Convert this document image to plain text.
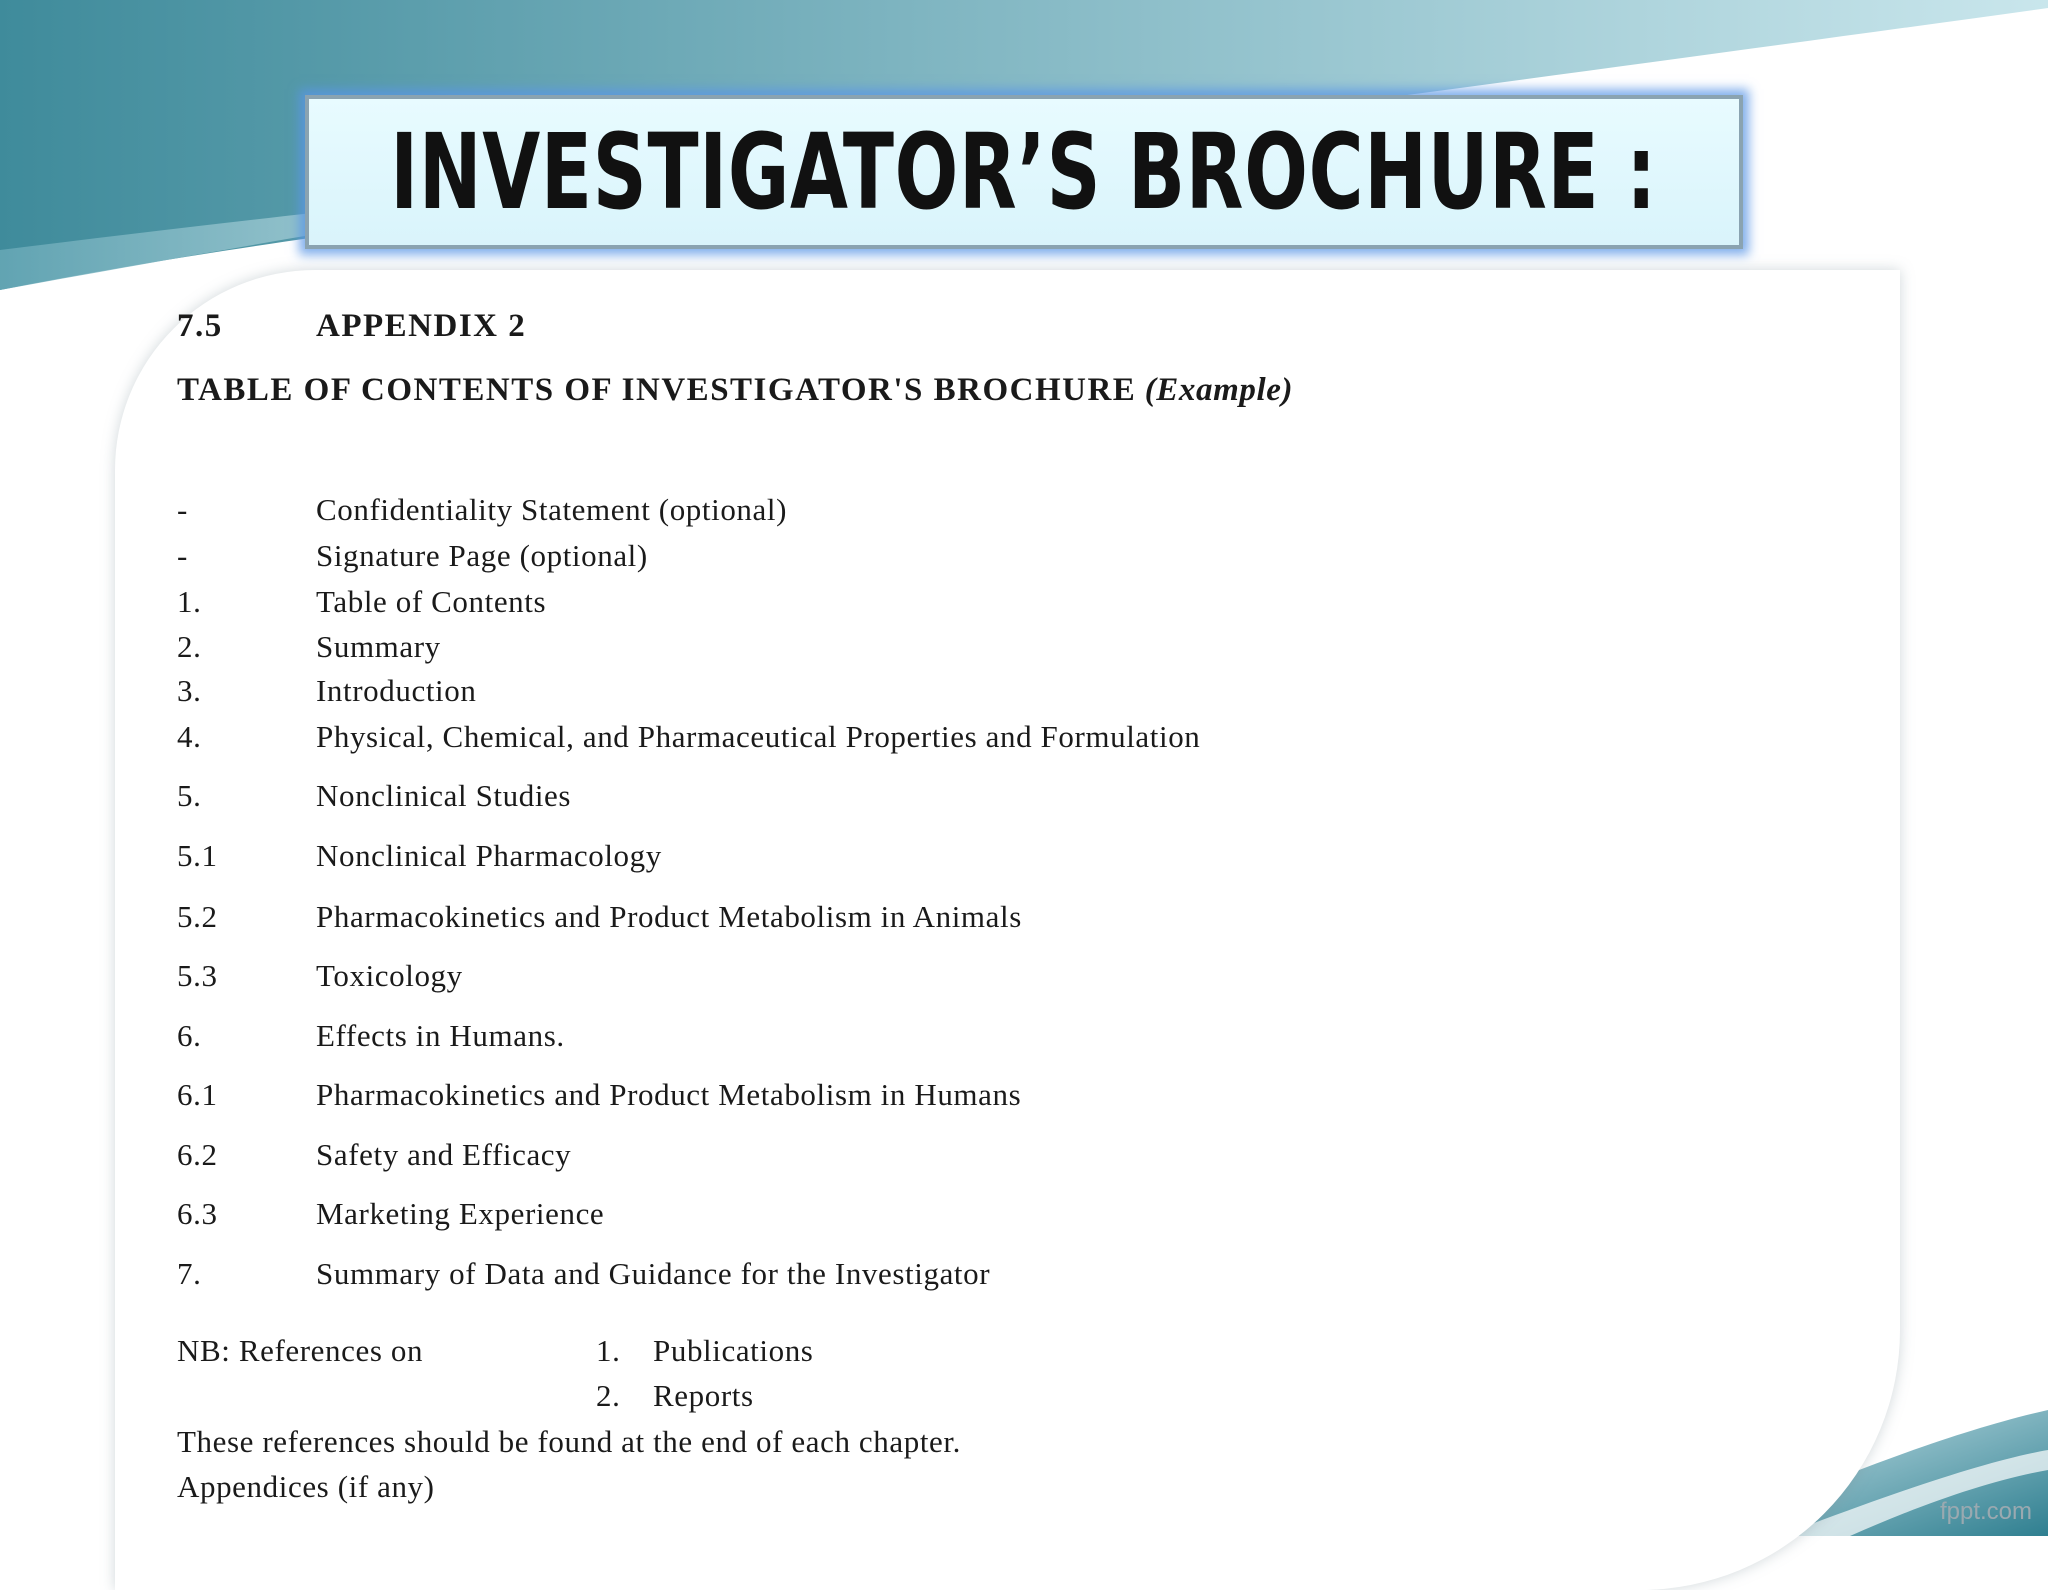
INVESTIGATOR’S BROCHURE :
7.5	APPENDIX 2
TABLE OF CONTENTS OF INVESTIGATOR'S BROCHURE (Example)
-	Confidentiality Statement (optional)
-	Signature Page (optional)
1.	Table of Contents
2.	Summary
3.	Introduction
4.	Physical, Chemical, and Pharmaceutical Properties and Formulation
5.	Nonclinical Studies
5.1	Nonclinical Pharmacology
5.2	Pharmacokinetics and Product Metabolism in Animals
5.3	Toxicology
6.	Effects in Humans.
6.1	Pharmacokinetics and Product Metabolism in Humans
6.2	Safety and Efficacy
6.3	Marketing Experience
7.	Summary of Data and Guidance for the Investigator
NB: References on	1. Publications
2. Reports
These references should be found at the end of each chapter.
Appendices (if any)
fppt.com
